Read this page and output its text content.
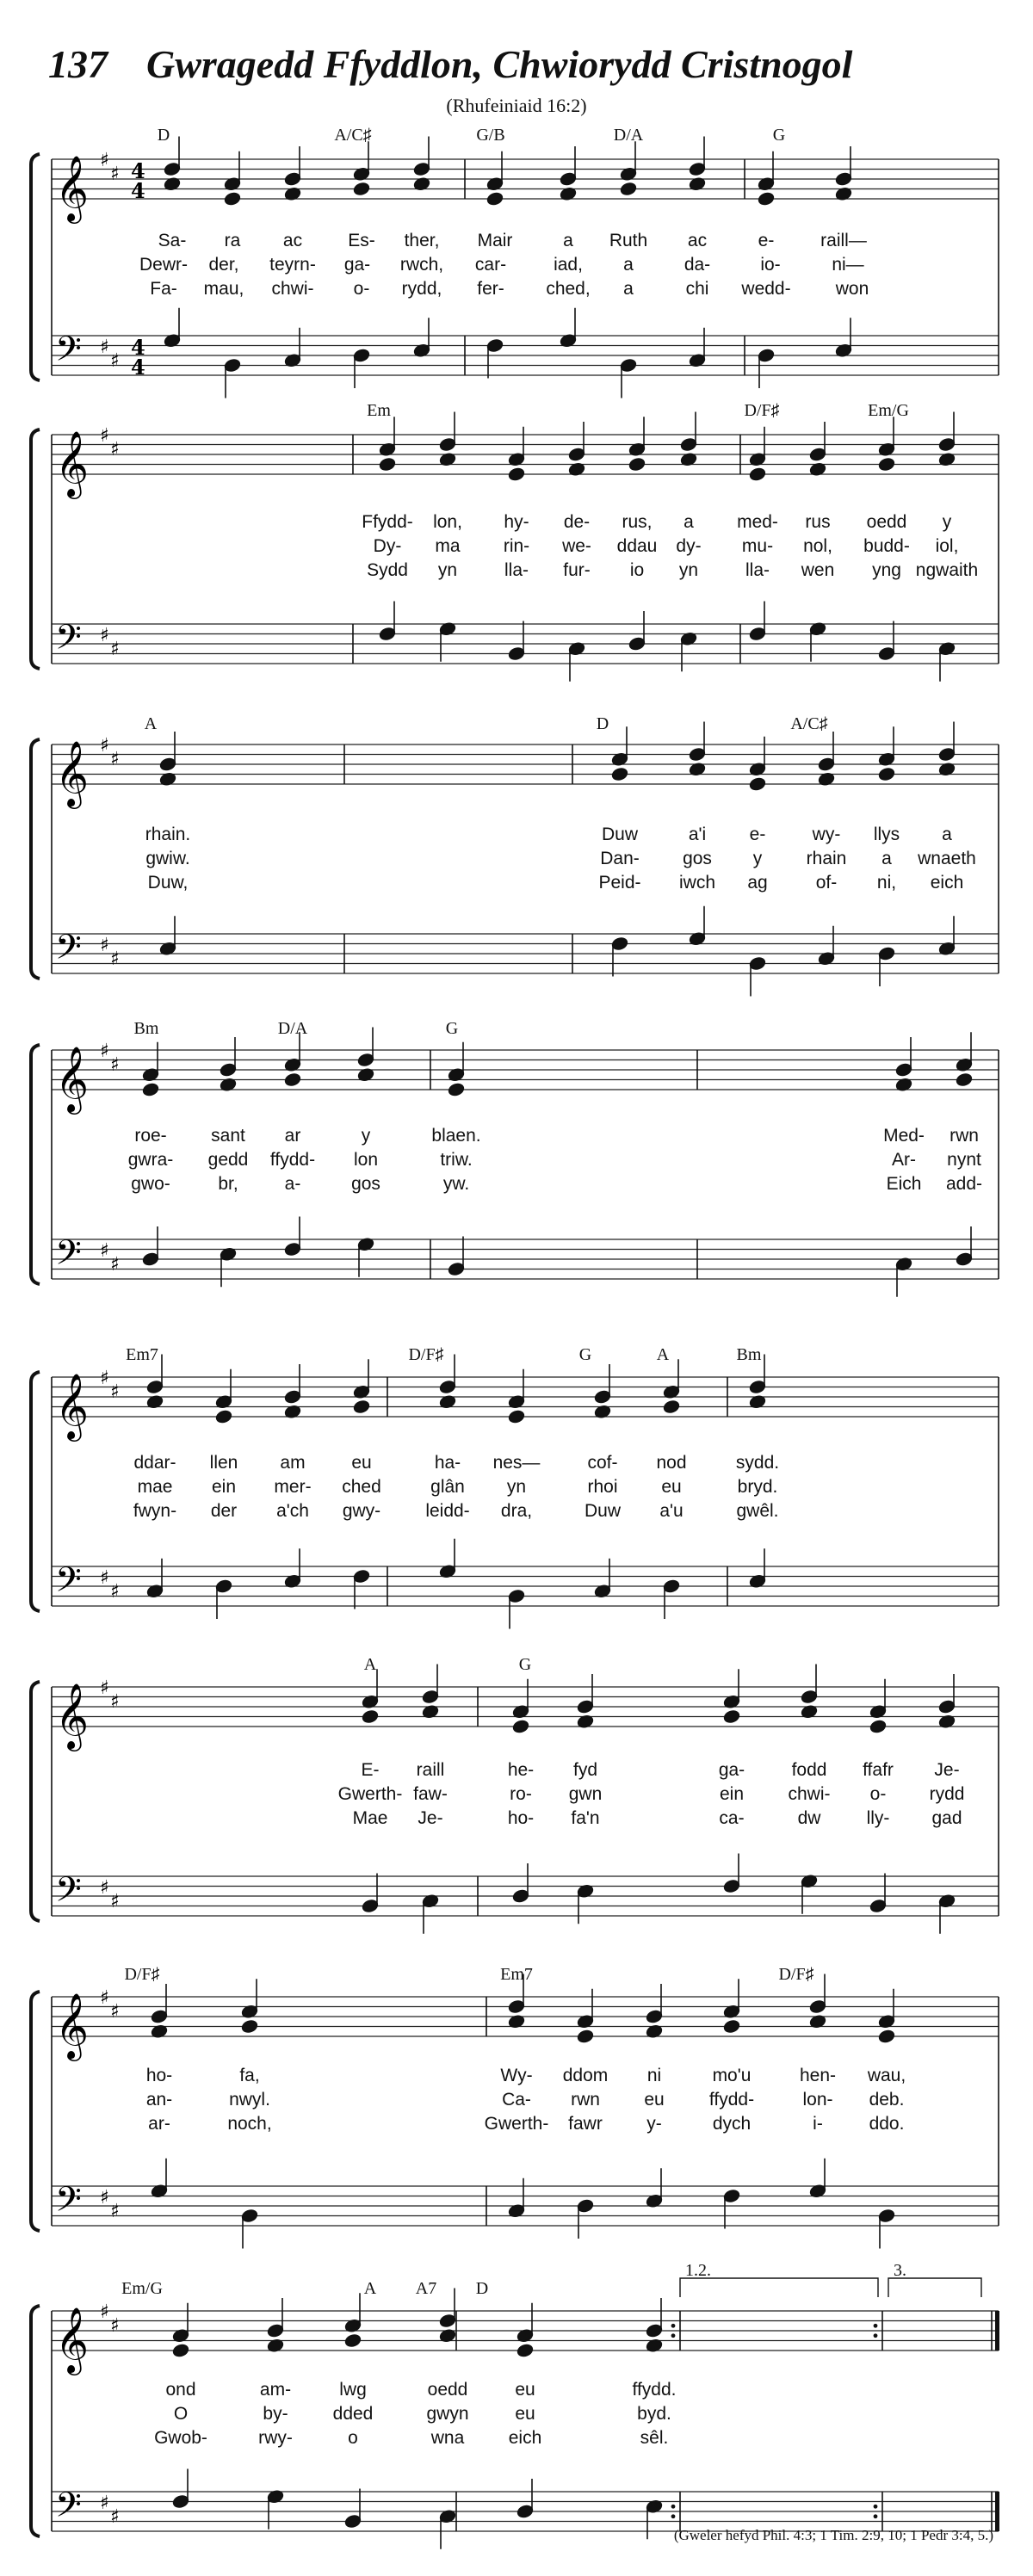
137 Gwragedd Ffyddlon, Chwiorydd Cristnogol
(Rhufeiniaid 16:2)
𝄞 ♯
♯ 4
4
𝄢 ♯
♯
4
4
𝄞 ♯
♯
𝄢 ♯
♯
𝄞 ♯
♯
𝄢 ♯
♯
𝄞 ♯
♯
𝄢 ♯
♯
𝄞 ♯
♯
𝄢 ♯
♯
𝄞 ♯
♯
𝄢 ♯
♯
𝄞 ♯
♯
𝄢 ♯
♯
𝄞 ♯
♯
𝄢 ♯
♯
D	A/C♯	G/B	D/A	G
Sa- ra ac	Es- ther, Mair	a Ruth ac	e-	raill—
Dewr- der, teyrn- ga- rwch, car-	iad, a	da-	io-	ni—
Fa- mau, chwi- o- rydd, fer- ched, a	chi wedd- won
Em	D/F♯	Em/G
Ffydd- lon, hy- de- rus, a med- rus oedd y
Dy- ma rin- we- ddau dy- mu- nol, budd- iol,
Sydd yn	lla- fur- io yn	lla- wen yng ngwaith
A	D	A/C♯
rhain.	Duw	a'i e-	wy- llys a
gwiw.	Dan- gos y rhain a wnaeth
Duw,	Peid- iwch ag	of- ni, eich
Bm	D/A	G
roe- sant ar	y	blaen.	Med- rwn
gwra- gedd ffydd- lon	triw.	Ar- nynt
gwo-	br,	a-	gos	yw.	Eich add-
Em7	D/F♯	G	A	Bm
ddar- llen am	eu	ha- nes—	cof- nod	sydd.
mae ein mer- ched	glân yn	rhoi eu	bryd.
fwyn- der a'ch gwy- leidd- dra,	Duw a'u	gwêl.
A	G
E- raill	he- fyd	ga-	fodd ffafr Je-
Gwerth- faw-	ro- gwn	ein chwi- o- rydd
Mae Je-	ho- fa'n	ca-	dw	lly- gad
D/F♯	Em7	D/F♯
ho-	fa,	Wy- ddom ni	mo'u	hen- wau,
an-	nwyl.	Ca- rwn eu ffydd-	lon- deb.
ar-	noch,	Gwerth- fawr y-	dych	i-	ddo.
1.2.	3.
Em/G	A A7 D
ond	am-	lwg	oedd	eu	ffydd.
O	by- dded	gwyn	eu	byd.
Gwob-	rwy-	o	wna eich	sêl.
(Gweler hefyd Phil. 4:3; 1 Tim. 2:9, 10; 1 Pedr 3:4, 5.)
